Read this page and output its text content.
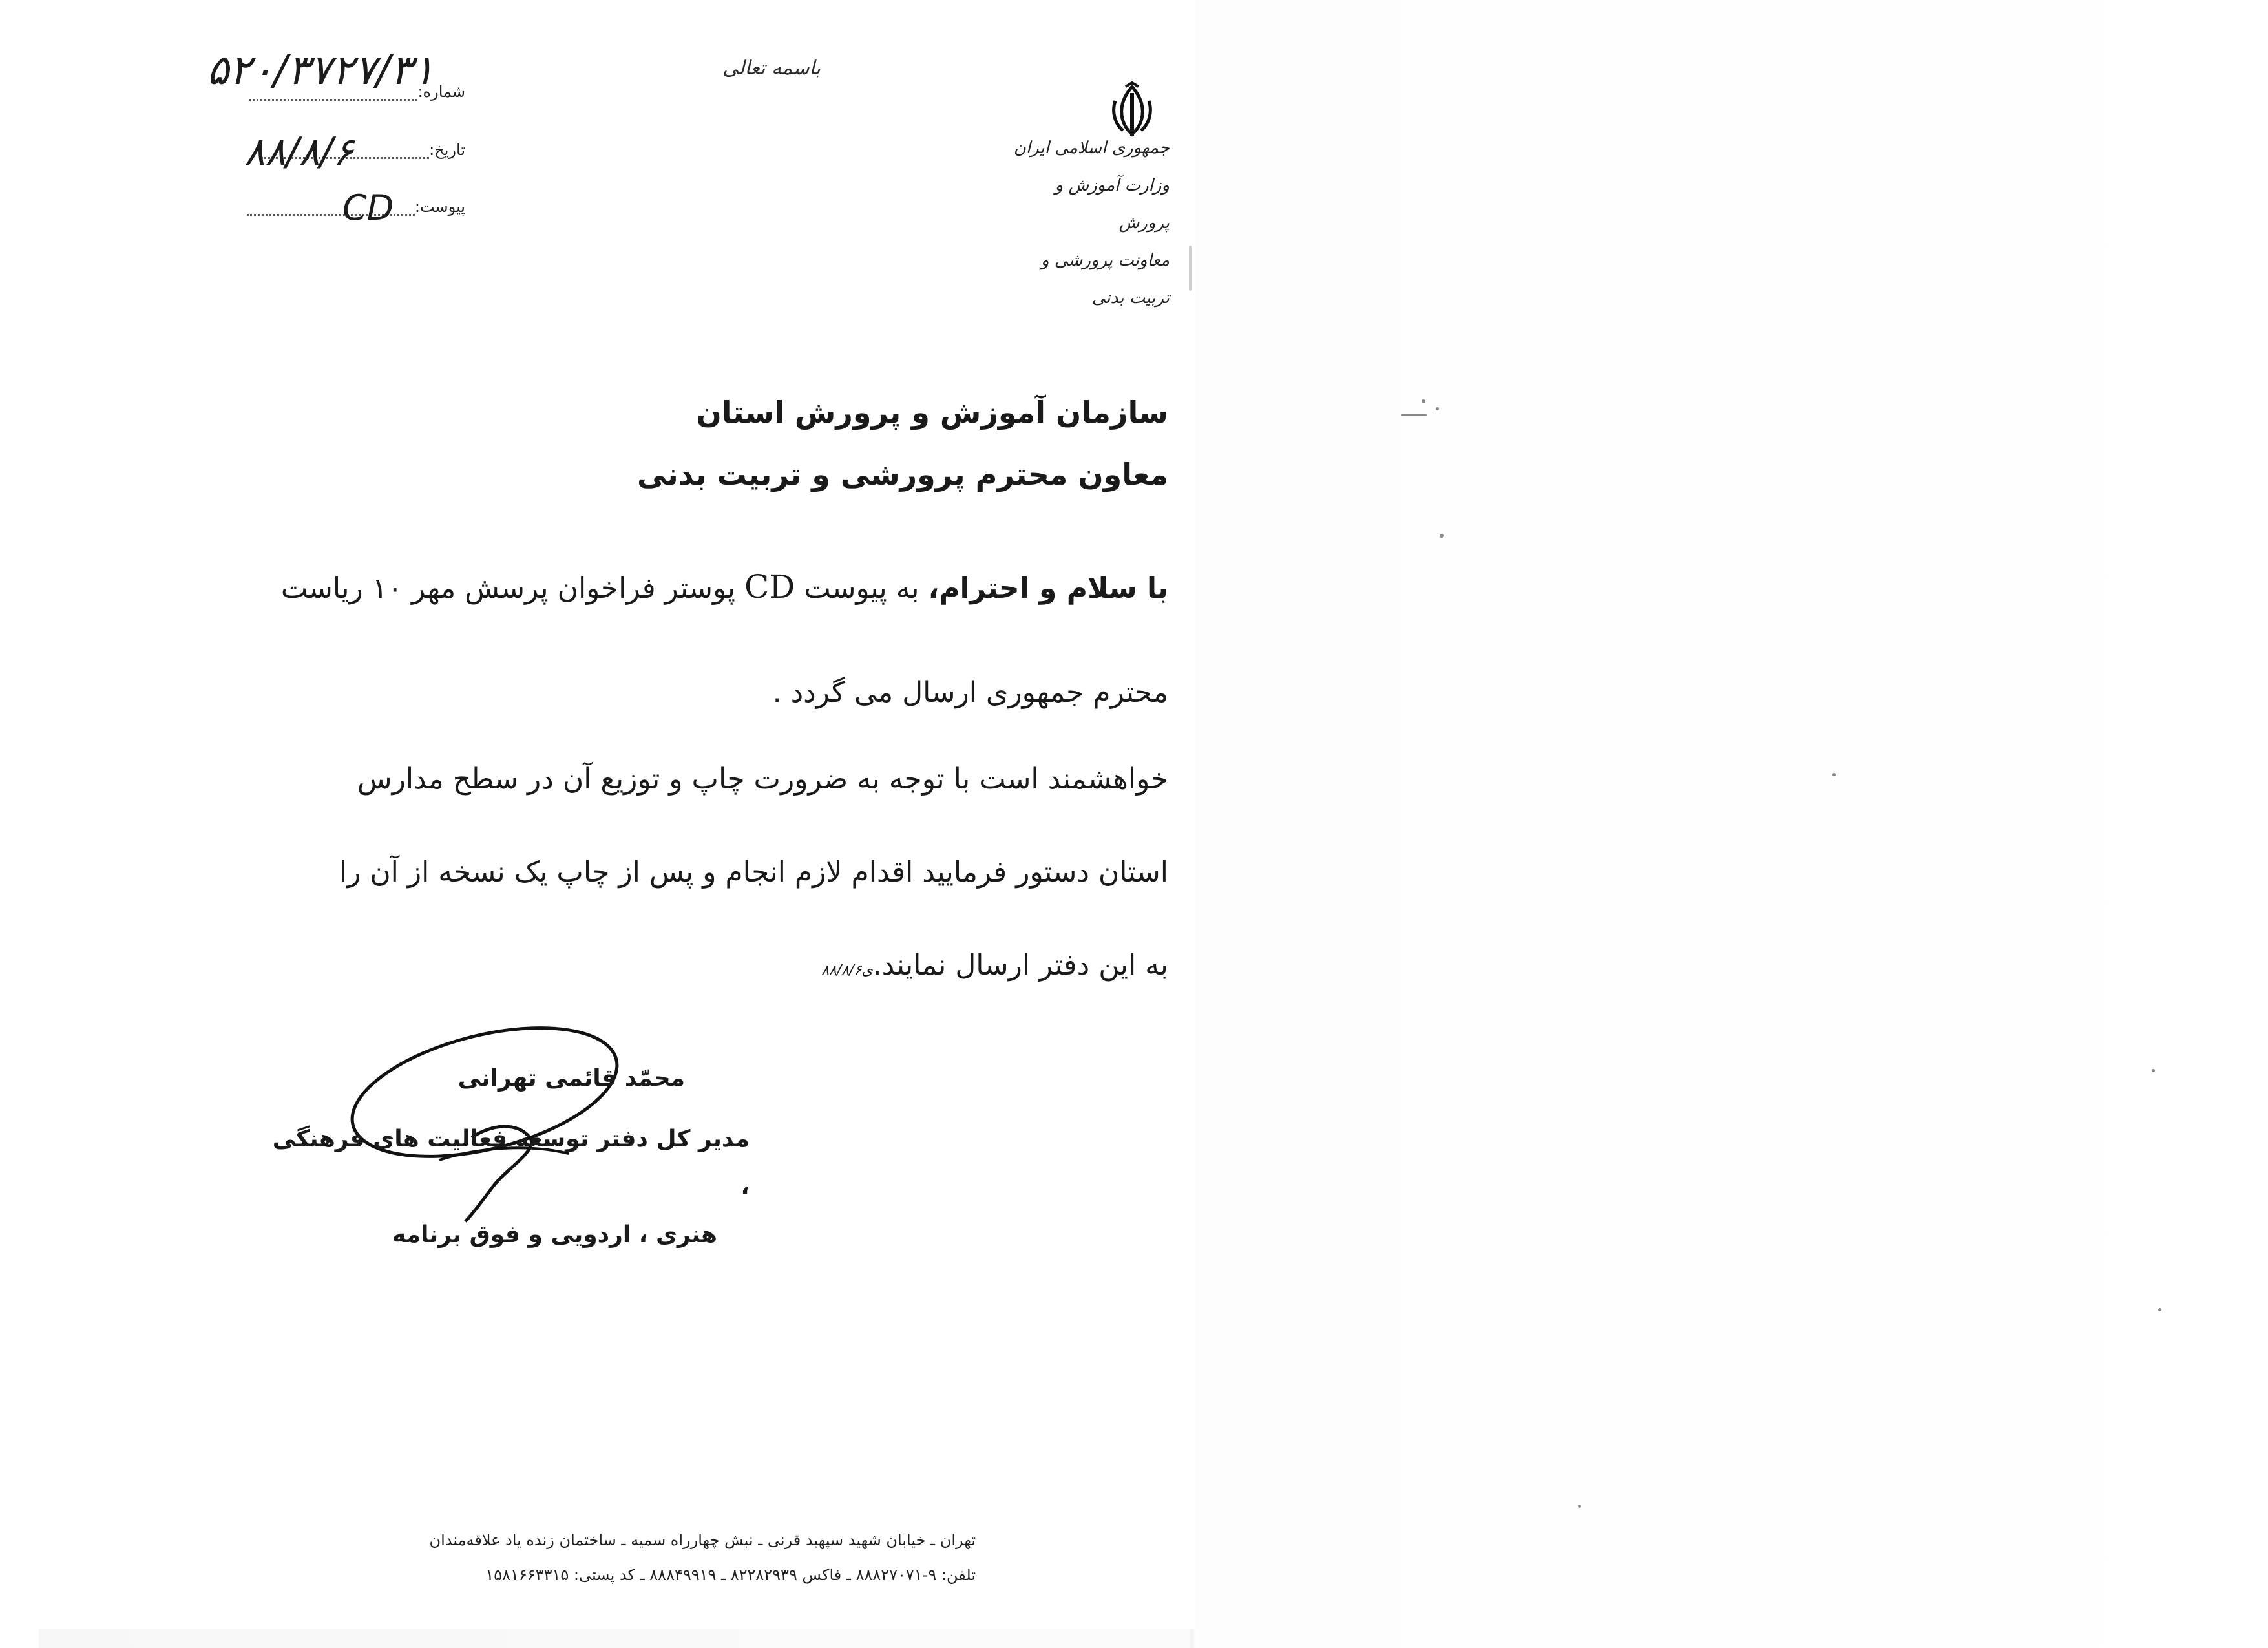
جمهوری اسلامی ایران
وزارت آموزش و پرورش
معاونت پرورشی و تربیت بدنی
باسمه تعالی
شماره:
۵۲۰/۳۷۲۷/۳۱
تاریخ:
۸۸/۸/۶
پیوست:
CD
سازمان آموزش و پرورش استان
معاون محترم پرورشی و تربیت بدنی
با سلام و احترام، به پیوست CD پوستر فراخوان پرسش مهر ۱۰ ریاست
محترم جمهوری ارسال می گردد .
خواهشمند است با توجه به ضرورت چاپ و توزیع آن در سطح مدارس
استان دستور فرمایید اقدام لازم انجام و پس از چاپ یک نسخه از آن را
به این دفتر ارسال نمایند.ی۸۸/۸/۶
محمّد قائمی تهرانی
مدیر کل دفتر توسعه فعالیت های فرهنگی ،
هنری ، اردویی و فوق برنامه
تهران ـ خیابان شهید سپهبد قرنی ـ نبش چهارراه سمیه ـ ساختمان زنده یاد علاقه‌مندان
تلفن: ۹-۸۸۸۲۷۰۷۱ ـ فاکس ۸۲۲۸۲۹۳۹ ـ ۸۸۸۴۹۹۱۹ ـ کد پستی: ۱۵۸۱۶۶۳۳۱۵
